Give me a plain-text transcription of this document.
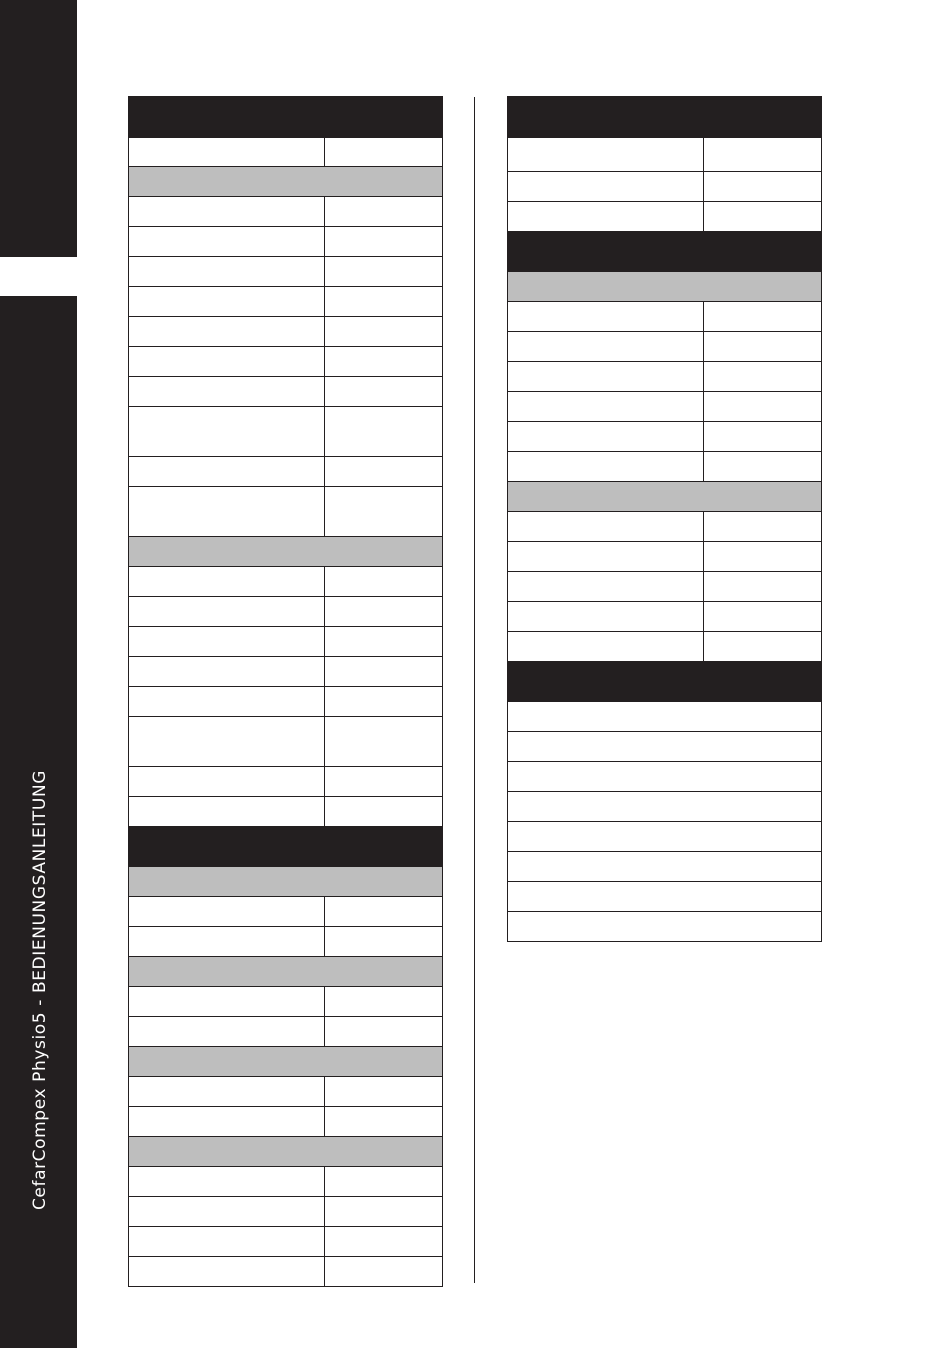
CefarCompex Physio5 - BEDIENUNGSANLEITUNG
